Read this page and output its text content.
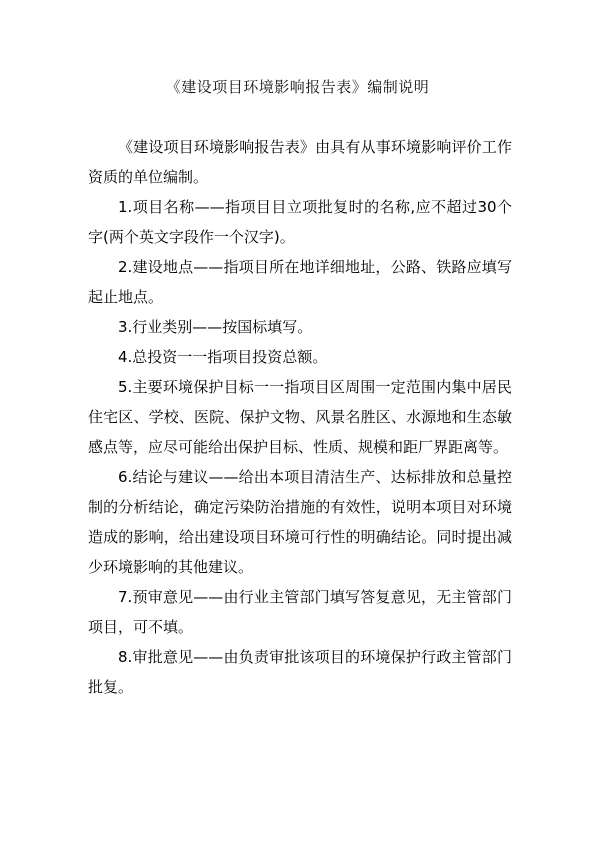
《建设项目环境影响报告表》编制说明

《建设项目环境影响报告表》由具有从事环境影响评价工作资质的单位编制。

1.项目名称——指项目目立项批复时的名称,应不超过30个字(两个英文字段作一个汉字)。

2.建设地点——指项目所在地详细地址，公路、铁路应填写起止地点。

3.行业类别——按国标填写。

4.总投资一一指项目投资总额。

5.主要环境保护目标一一指项目区周围一定范围内集中居民住宅区、学校、医院、保护文物、风景名胜区、水源地和生态敏感点等，应尽可能给出保护目标、性质、规模和距厂界距离等。

6.结论与建议——给出本项目清洁生产、达标排放和总量控制的分析结论，确定污染防治措施的有效性，说明本项目对环境造成的影响，给出建设项目环境可行性的明确结论。同时提出减少环境影响的其他建议。

7.预审意见——由行业主管部门填写答复意见，无主管部门项目，可不填。

8.审批意见——由负责审批该项目的环境保护行政主管部门批复。
